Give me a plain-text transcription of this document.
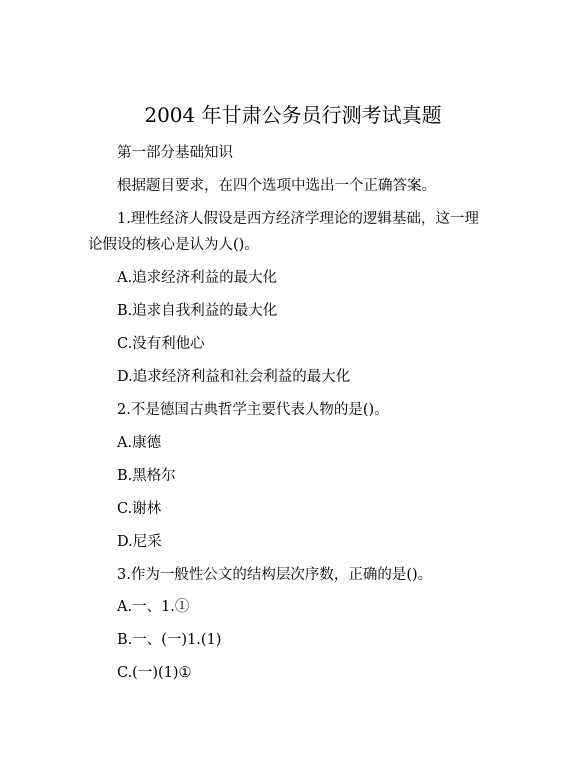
2004 年甘肃公务员行测考试真题
第一部分基础知识
根据题目要求，在四个选项中选出一个正确答案。
1.理性经济人假设是西方经济学理论的逻辑基础，这一理
论假设的核心是认为人()。
A.追求经济利益的最大化
B.追求自我利益的最大化
C.没有利他心
D.追求经济利益和社会利益的最大化
2.不是德国古典哲学主要代表人物的是()。
A.康德
B.黑格尔
C.谢林
D.尼采
3.作为一般性公文的结构层次序数，正确的是()。
A.一、1.①
B.一、(一)1.(1)
C.(一)(1)①
